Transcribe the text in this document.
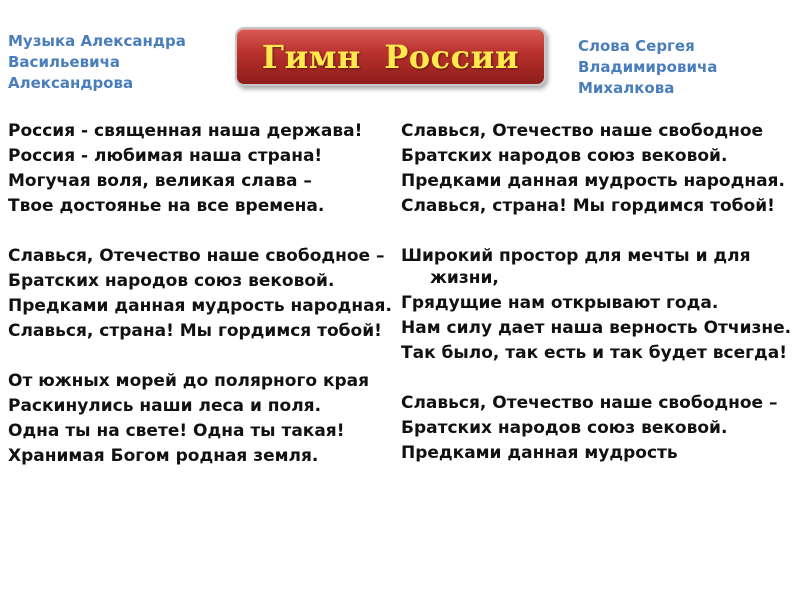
Музыка Александра
Васильевича
Александрова
Гимн  России	Слова Сергея
Владимировича
Михалкова
Россия - священная наша держава!
Россия - любимая наша страна!
Могучая воля, великая слава –
Твое достоянье на все времена.
Славься, Отечество наше свободное –
Братских народов союз вековой.
Предками данная мудрость народная.
Славься, страна! Мы гордимся тобой!
От южных морей до полярного края
Раскинулись наши леса и поля.
Одна ты на свете! Одна ты такая!
Хранимая Богом родная земля.
Славься, Отечество наше свободное
Братских народов союз вековой.
Предками данная мудрость народная.
Славься, страна! Мы гордимся тобой!
Широкий простор для мечты и для жизни,
Грядущие нам открывают года.
Нам силу дает наша верность Отчизне.
Так было, так есть и так будет всегда!
Славься, Отечество наше свободное –
Братских народов союз вековой.
Предками данная мудрость
